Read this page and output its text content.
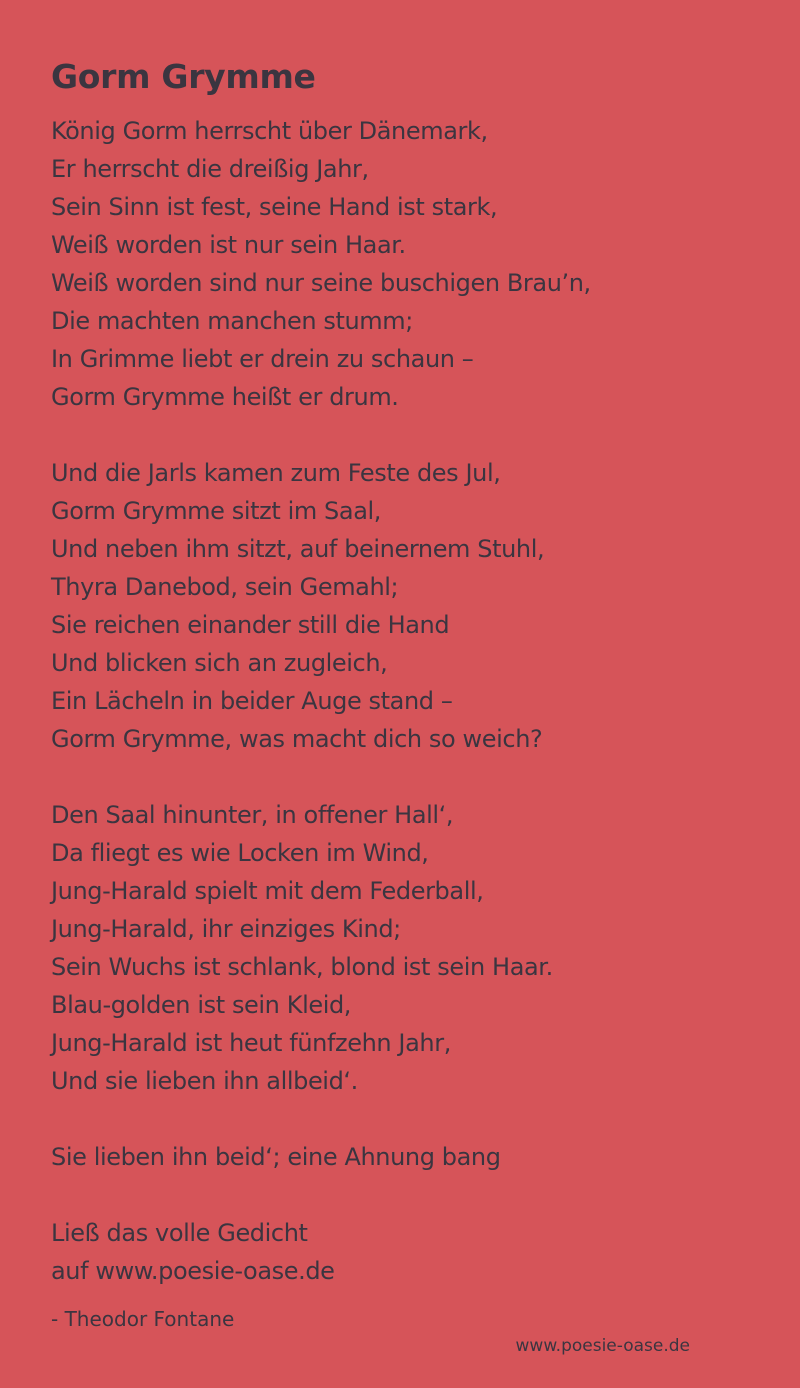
Gorm Grymme
König Gorm herrscht über Dänemark,
Er herrscht die dreißig Jahr,
Sein Sinn ist fest, seine Hand ist stark,
Weiß worden ist nur sein Haar.
Weiß worden sind nur seine buschigen Brau’n,
Die machten manchen stumm;
In Grimme liebt er drein zu schaun –
Gorm Grymme heißt er drum.
Und die Jarls kamen zum Feste des Jul,
Gorm Grymme sitzt im Saal,
Und neben ihm sitzt, auf beinernem Stuhl,
Thyra Danebod, sein Gemahl;
Sie reichen einander still die Hand
Und blicken sich an zugleich,
Ein Lächeln in beider Auge stand –
Gorm Grymme, was macht dich so weich?
Den Saal hinunter, in offener Hall‘,
Da fliegt es wie Locken im Wind,
Jung-Harald spielt mit dem Federball,
Jung-Harald, ihr einziges Kind;
Sein Wuchs ist schlank, blond ist sein Haar.
Blau-golden ist sein Kleid,
Jung-Harald ist heut fünfzehn Jahr,
Und sie lieben ihn allbeid‘.
Sie lieben ihn beid‘; eine Ahnung bang
Ließ das volle Gedicht
auf www.poesie-oase.de
- Theodor Fontane
www.poesie-oase.de
